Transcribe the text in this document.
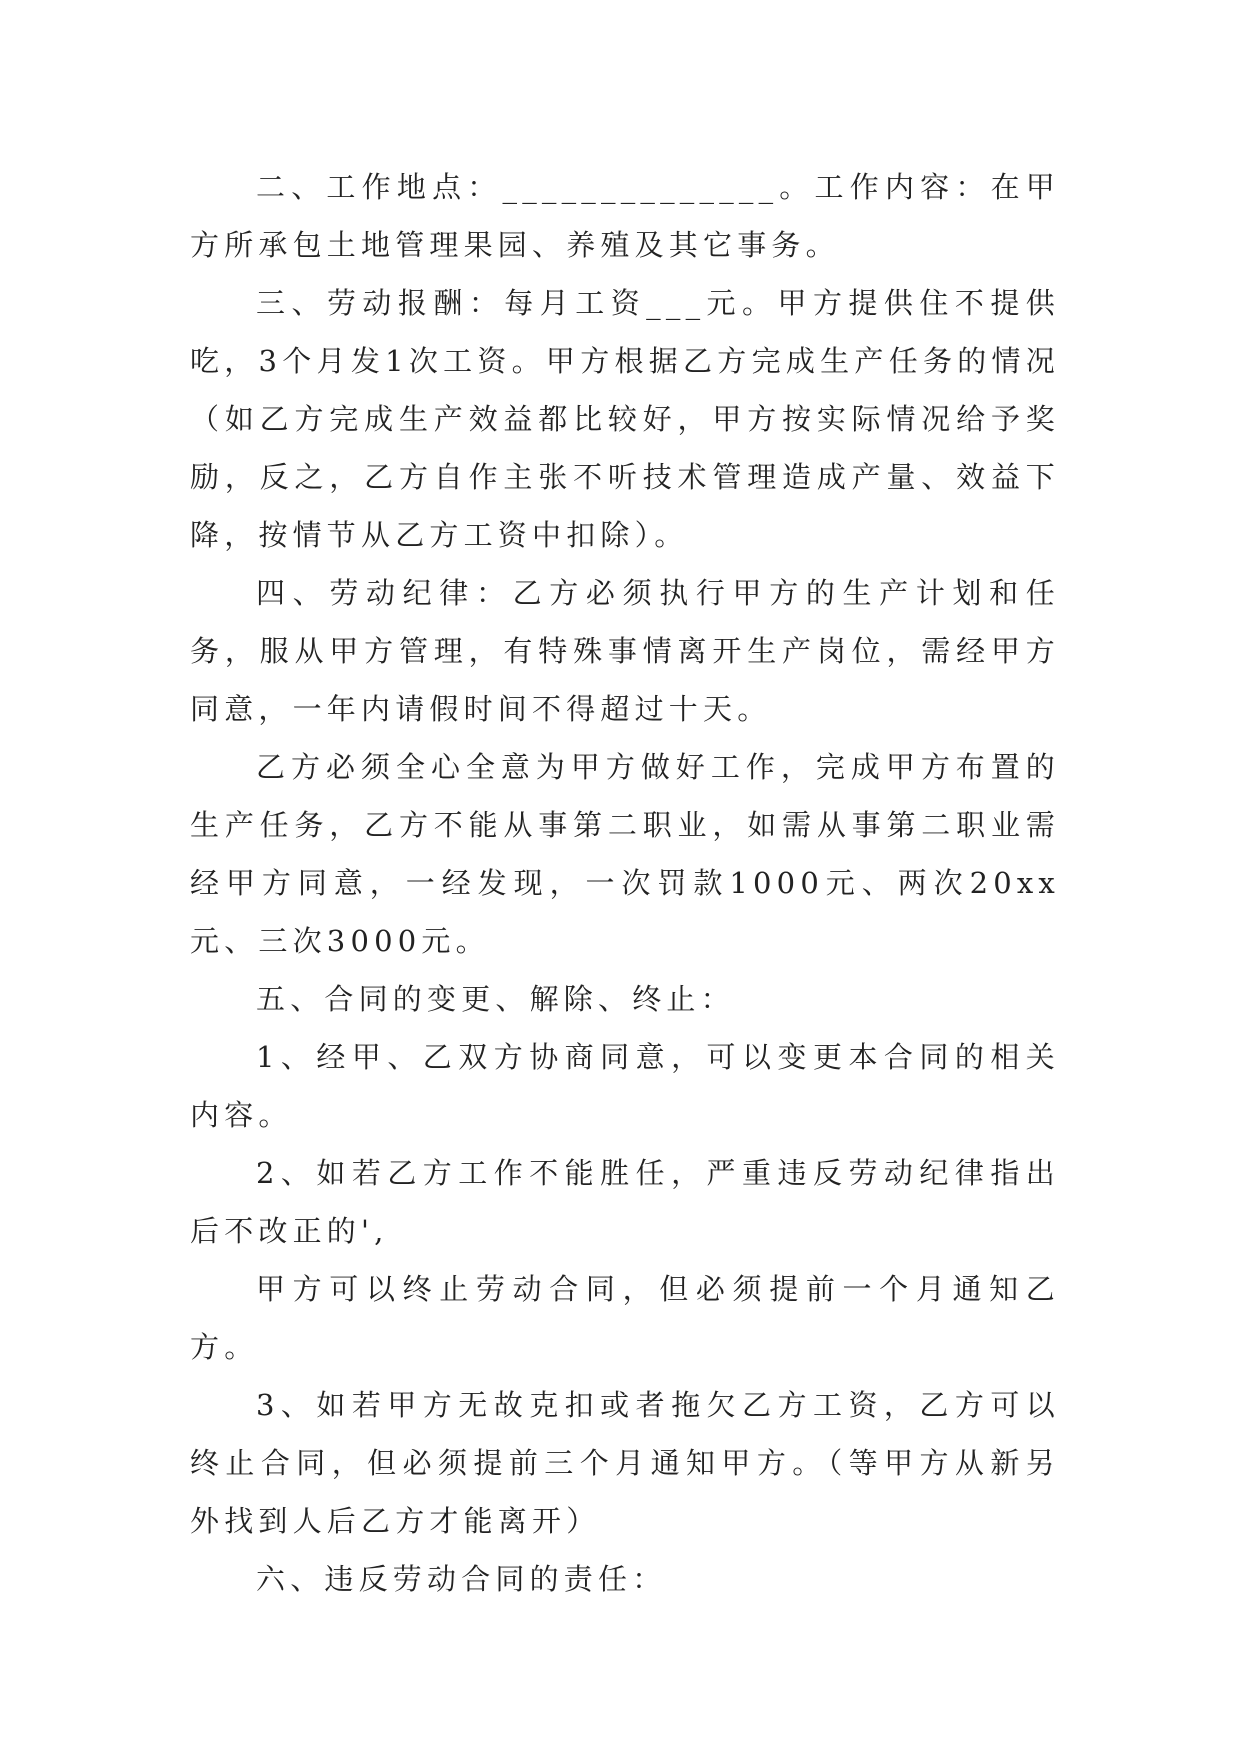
二、工作地点：______________。工作内容：在甲方所承包土地管理果园、养殖及其它事务。

三、劳动报酬：每月工资___元。甲方提供住不提供吃，3个月发1次工资。甲方根据乙方完成生产任务的情况（如乙方完成生产效益都比较好，甲方按实际情况给予奖励，反之，乙方自作主张不听技术管理造成产量、效益下降，按情节从乙方工资中扣除）。

四、劳动纪律：乙方必须执行甲方的生产计划和任务，服从甲方管理，有特殊事情离开生产岗位，需经甲方同意，一年内请假时间不得超过十天。

乙方必须全心全意为甲方做好工作，完成甲方布置的生产任务，乙方不能从事第二职业，如需从事第二职业需经甲方同意，一经发现，一次罚款1000元、两次20xx元、三次3000元。

五、合同的变更、解除、终止：

1、经甲、乙双方协商同意，可以变更本合同的相关内容。

2、如若乙方工作不能胜任，严重违反劳动纪律指出后不改正的',

甲方可以终止劳动合同，但必须提前一个月通知乙方。

3、如若甲方无故克扣或者拖欠乙方工资，乙方可以终止合同，但必须提前三个月通知甲方。（等甲方从新另外找到人后乙方才能离开）

六、违反劳动合同的责任：
